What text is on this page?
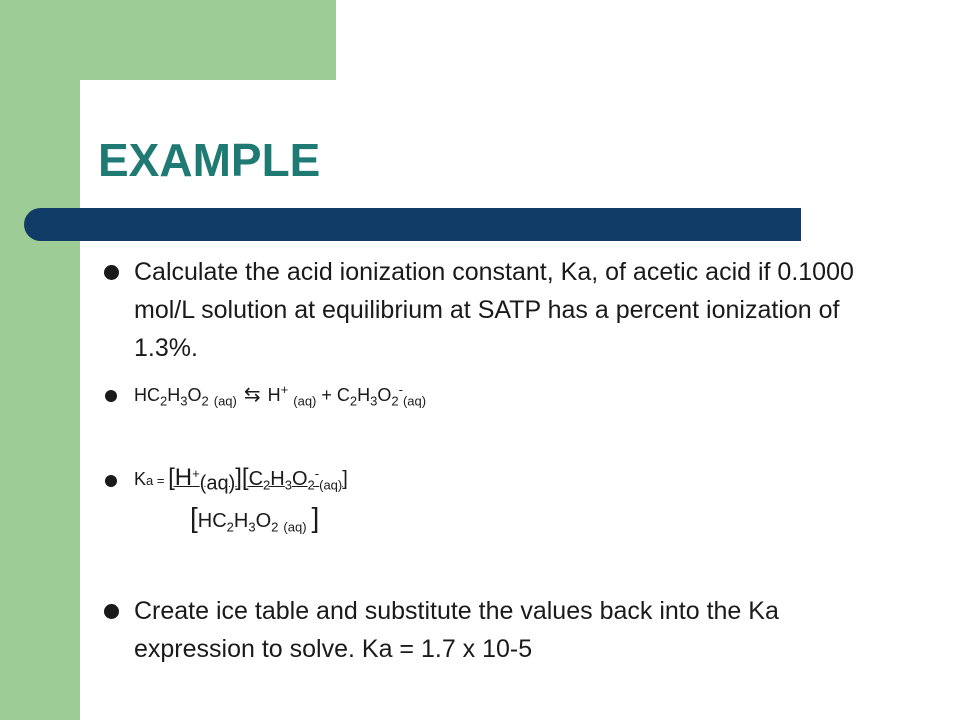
EXAMPLE

Calculate the acid ionization constant, Ka, of acetic acid if 0.1000 mol/L solution at equilibrium at SATP has a percent ionization of 1.3%.

$HC_2H_3O_2$ $_{(aq)}$ ⇆ H+ $_{(aq)} + C_2H_3O_2^-_{(aq)}$

$Ka = [H^+_{(aq)}][C_2H_3O_2^-_{(aq)}]$

[$HC_2H_3O_2$ $_{(aq)}$ ]

Create ice table and substitute the values back into the Ka expression to solve. Ka = 1.7 x 10-5
